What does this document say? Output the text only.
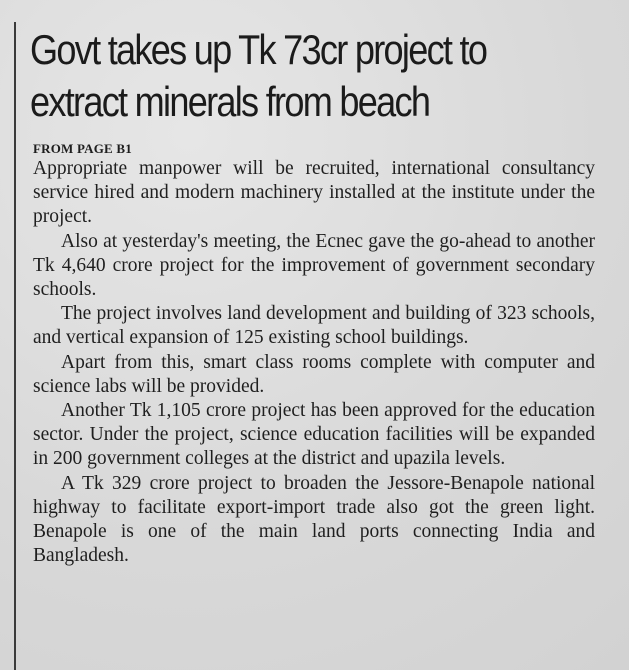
Govt takes up Tk 73cr project to
extract minerals from beach
FROM PAGE B1

Appropriate manpower will be recruited, international consultancy service hired and modern machinery installed at the institute under the project.

Also at yesterday's meeting, the Ecnec gave the go-ahead to another Tk 4,640 crore project for the improvement of government secondary schools.

The project involves land development and building of 323 schools, and vertical expansion of 125 existing school buildings.

Apart from this, smart class rooms complete with computer and science labs will be provided.

Another Tk 1,105 crore project has been approved for the education sector. Under the project, science education facilities will be expanded in 200 government colleges at the district and upazila levels.

A Tk 329 crore project to broaden the Jessore-Benapole national highway to facilitate export-import trade also got the green light. Benapole is one of the main land ports connecting India and Bangladesh.
